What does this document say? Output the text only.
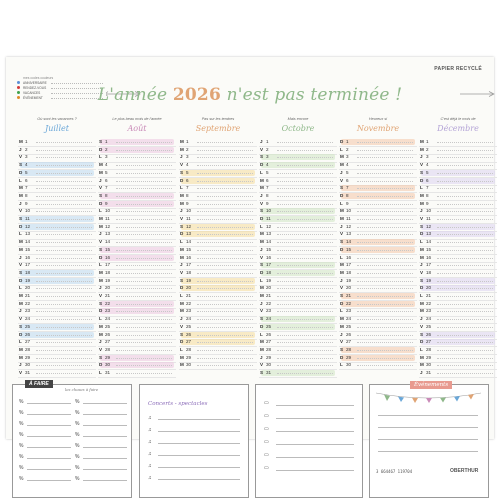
PAPIER RECYCLÉ
mes codes couleurs
ANNIVERSAIRE
RENDEZ-VOUS
VACANCES
ÉVÉNEMENT	L'année 2026 n'est pas terminée !
Où sont les vacances ?
Juillet
M 1
J 2
V 3
S 4
D 5
L 6
M 7
M 8
J 9
V 10
S 11
D 12
L 13
M 14
M 15
J 16
V 17
S 18
D 19
L 20
M 21
M 22
J 23
V 24
S 25
D 26
L 27
M 28
M 29
J 30
V 31
Le plus beau mois de l'année
Août
S 1
D 2
L 3
M 4
M 5
J 6
V 7
S 8
D 9
L 10
M 11
M 12
J 13
V 14
S 15
D 16
L 17
M 18
M 19
J 20
V 21
S 22
D 23
L 24
M 25
M 26
J 27
V 28
S 29
D 30
L 31
Pas sur les tendres
Septembre
M 1
M 2
J 3
V 4
S 5
D 6
L 7
M 8
M 9
J 10
V 11
S 12
D 13
L 14
M 15
M 16
J 17
V 18
S 19
D 20
L 21
M 22
M 23
J 24
V 25
S 26
D 27
L 28
M 29
M 30
Mais encore
Octobre
J 1
V 2
S 3
D 4
L 5
M 6
M 7
J 8
V 9
S 10
D 11
L 12
M 13
M 14
J 15
V 16
S 17
D 18
L 19
M 20
M 21
J 22
V 23
S 24
D 25
L 26
M 27
M 28
J 29
V 30
S 31
Heureux si
Novembre
D 1
L 2
M 3
M 4
J 5
V 6
S 7
D 8
L 9
M 10
M 11
J 12
V 13
S 14
D 15
L 16
M 17
M 18
J 19
V 20
S 21
D 22
L 23
M 24
M 25
J 26
V 27
S 28
D 29
L 30
C'est déjà le mois de
Décembre
M 1
M 2
J 3
V 4
S 5
D 6
L 7
M 8
M 9
J 10
V 11
S 12
D 13
L 14
M 15
M 16
J 17
V 18
S 19
D 20
L 21
M 22
M 23
J 24
V 25
S 26
D 27
L 28
M 29
M 30
J 31
À FAIRE
les choses à faire
%	%
%	%
%	%
%	%
%	%
%	%
%	%
%	%
Concerts - spectacles
♫
♫
♫
♫
♫
♫
▭
▭
▭
▭
▭
▭
Événements
3 664467 119704	OBERTHUR
